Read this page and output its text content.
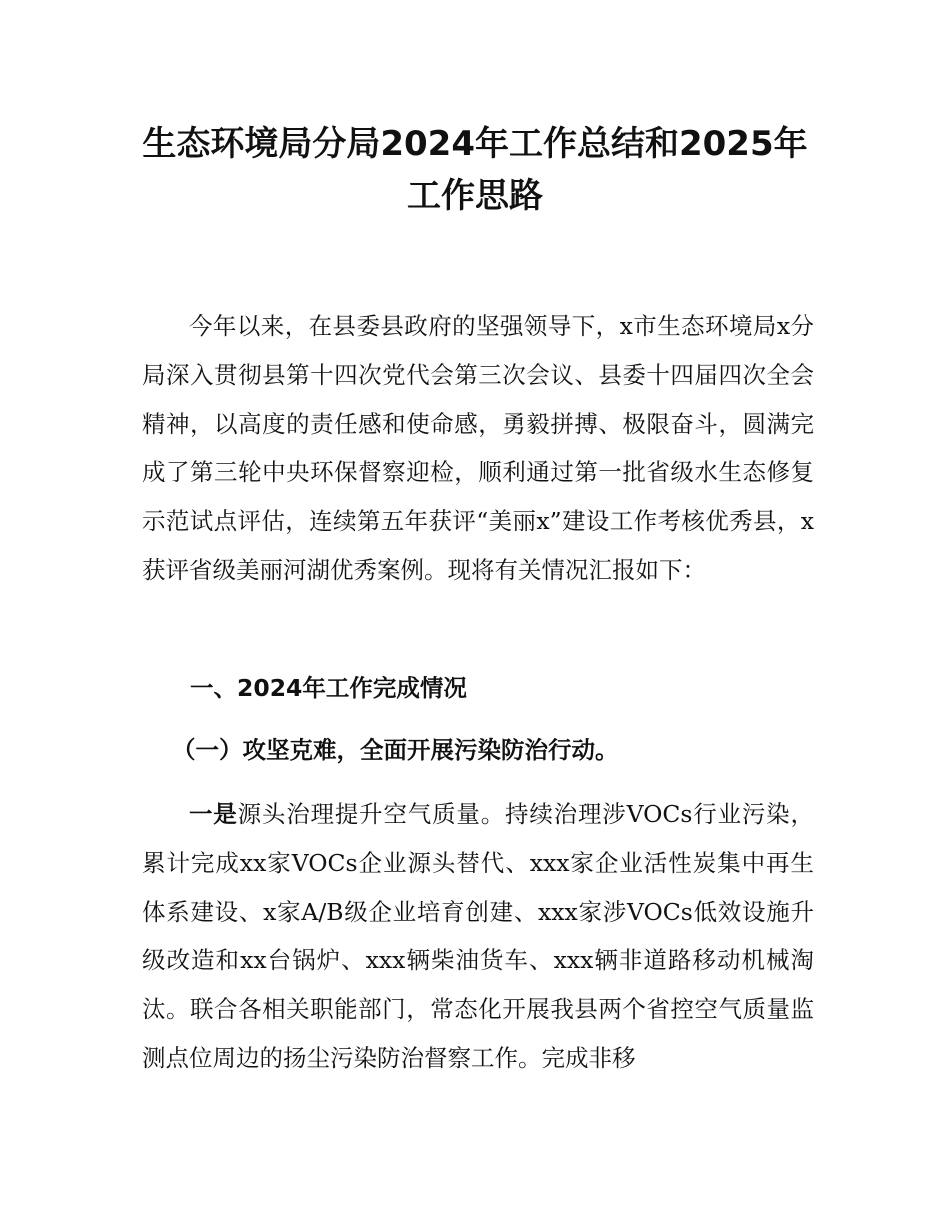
生态环境局分局2024年工作总结和2025年
工作思路

今年以来，在县委县政府的坚强领导下，x市生态环境局x分局深入贯彻县第十四次党代会第三次会议、县委十四届四次全会精神，以高度的责任感和使命感，勇毅拼搏、极限奋斗，圆满完成了第三轮中央环保督察迎检，顺利通过第一批省级水生态修复示范试点评估，连续第五年获评“美丽x”建设工作考核优秀县，x获评省级美丽河湖优秀案例。现将有关情况汇报如下：

一、2024年工作完成情况
（一）攻坚克难，全面开展污染防治行动。

一是源头治理提升空气质量。持续治理涉VOCs行业污染，累计完成xx家VOCs企业源头替代、xxx家企业活性炭集中再生体系建设、x家A/B级企业培育创建、xxx家涉VOCs低效设施升级改造和xx台锅炉、xxx辆柴油货车、xxx辆非道路移动机械淘汰。联合各相关职能部门，常态化开展我县两个省控空气质量监测点位周边的扬尘污染防治督察工作。完成非移
